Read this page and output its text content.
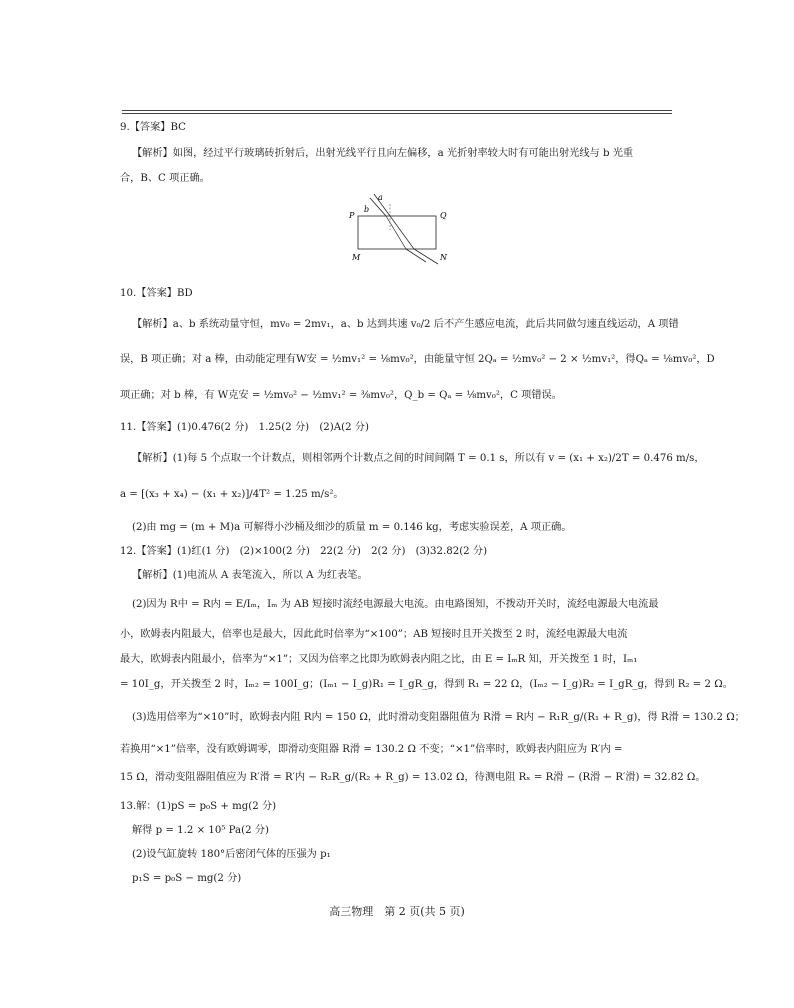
9.【答案】BC
【解析】如图，经过平行玻璃砖折射后，出射光线平行且向左偏移，a 光折射率较大时有可能出射光线与 b 光重
合，B、C 项正确。
a
b
P	Q
M	N
10.【答案】BD
【解析】a、b 系统动量守恒，mv₀ = 2mv₁，a、b 达到共速 v₀/2 后不产生感应电流，此后共同做匀速直线运动，A 项错
误，B 项正确；对 a 棒，由动能定理有W安 = ½mv₁² = ⅛mv₀²，由能量守恒 2Qₐ = ½mv₀² − 2 × ½mv₁²，得Qₐ = ⅛mv₀²，D
项正确；对 b 棒，有 W克安 = ½mv₀² − ½mv₁² = ⅜mv₀²，Q_b = Qₐ = ⅛mv₀²，C 项错误。
11.【答案】(1)0.476(2 分)　1.25(2 分)　(2)A(2 分)
【解析】(1)每 5 个点取一个计数点，则相邻两个计数点之间的时间间隔 T = 0.1 s，所以有 v = (x₁ + x₂)/2T = 0.476 m/s，
a = [(x₃ + x₄) − (x₁ + x₂)]/4T² = 1.25 m/s²。
(2)由 mg = (m + M)a 可解得小沙桶及细沙的质量 m = 0.146 kg，考虑实验误差，A 项正确。
12.【答案】(1)红(1 分)　(2)×100(2 分)　22(2 分)　2(2 分)　(3)32.82(2 分)
【解析】(1)电流从 A 表笔流入，所以 A 为红表笔。
(2)因为 R中 = R内 = E/Iₘ，Iₘ 为 AB 短接时流经电源最大电流。由电路图知，不拨动开关时，流经电源最大电流最
小，欧姆表内阻最大，倍率也是最大，因此此时倍率为“×100”；AB 短接时且开关拨至 2 时，流经电源最大电流
最大，欧姆表内阻最小，倍率为“×1”；又因为倍率之比即为欧姆表内阻之比，由 E = IₘR 知，开关拨至 1 时，Iₘ₁
= 10I_g，开关拨至 2 时，Iₘ₂ = 100I_g；(Iₘ₁ − I_g)R₁ = I_gR_g，得到 R₁ = 22 Ω，(Iₘ₂ − I_g)R₂ = I_gR_g，得到 R₂ = 2 Ω。
(3)选用倍率为“×10”时，欧姆表内阻 R内 = 150 Ω，此时滑动变阻器阻值为 R滑 = R内 − R₁R_g/(R₁ + R_g)，得 R滑 = 130.2 Ω；
若换用“×1”倍率，没有欧姆调零，即滑动变阻器 R滑 = 130.2 Ω 不变；“×1”倍率时，欧姆表内阻应为 R′内 =
15 Ω，滑动变阻器阻值应为 R′滑 = R′内 − R₂R_g/(R₂ + R_g) = 13.02 Ω，待测电阻 Rₓ = R滑 − (R滑 − R′滑) = 32.82 Ω。
13.解：(1)pS = p₀S + mg(2 分)
解得 p = 1.2 × 10⁵ Pa(2 分)
(2)设气缸旋转 180°后密闭气体的压强为 p₁
p₁S = p₀S − mg(2 分)
高三物理　第 2 页(共 5 页)
